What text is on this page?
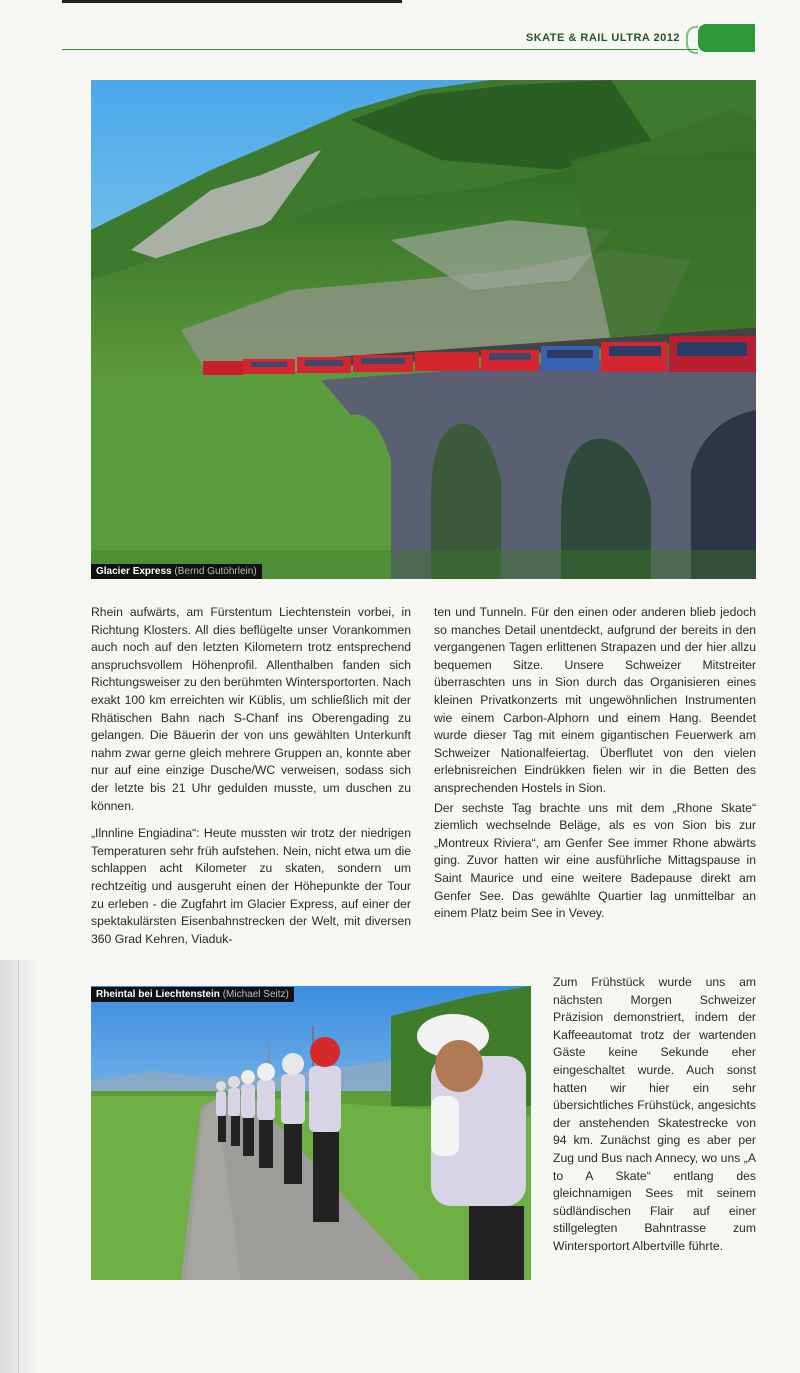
SKATE & RAIL ULTRA 2012
Glacier Express (Bernd Gutöhrlein)

Rhein aufwärts, am Fürstentum Liechtenstein vorbei, in Richtung Klosters. All dies beflügelte unser Vorankommen auch noch auf den letzten Kilometern trotz entsprechend anspruchsvollem Höhenprofil. Allenthalben fanden sich Richtungsweiser zu den berühmten Wintersportorten. Nach exakt 100 km erreichten wir Küblis, um schließlich mit der Rhätischen Bahn nach S-Chanf ins Oberengading zu gelangen. Die Bäuerin der von uns gewählten Unterkunft nahm zwar gerne gleich mehrere Gruppen an, konnte aber nur auf eine einzige Dusche/WC verweisen, sodass sich der letzte bis 21 Uhr gedulden musste, um duschen zu können.

„Ilnnline Engiadina“: Heute mussten wir trotz der niedrigen Temperaturen sehr früh aufstehen. Nein, nicht etwa um die schlappen acht Kilometer zu skaten, sondern um rechtzeitig und ausgeruht einen der Höhepunkte der Tour zu erleben - die Zugfahrt im Glacier Express, auf einer der spektakulärsten Eisenbahnstrecken der Welt, mit diversen 360 Grad Kehren, Viaduk-

ten und Tunneln. Für den einen oder anderen blieb jedoch so manches Detail unentdeckt, aufgrund der bereits in den vergangenen Tagen erlittenen Strapazen und der hier allzu bequemen Sitze. Unsere Schweizer Mitstreiter überraschten uns in Sion durch das Organisieren eines kleinen Privatkonzerts mit ungewöhnlichen Instrumenten wie einem Carbon-Alphorn und einem Hang. Beendet wurde dieser Tag mit einem gigantischen Feuerwerk am Schweizer Nationalfeiertag. Überflutet von den vielen erlebnisreichen Eindrükken fielen wir in die Betten des ansprechenden Hostels in Sion.

Der sechste Tag brachte uns mit dem „Rhone Skate“ ziemlich wechselnde Beläge, als es von Sion bis zur „Montreux Riviera“, am Genfer See immer Rhone abwärts ging. Zuvor hatten wir eine ausführliche Mittagspause in Saint Maurice und eine weitere Badepause direkt am Genfer See. Das gewählte Quartier lag unmittelbar an einem Platz beim See in Vevey.

Rheintal bei Liechtenstein (Michael Seitz)

Zum Frühstück wurde uns am nächsten Morgen Schweizer Präzision demonstriert, indem der Kaffeeautomat trotz der wartenden Gäste keine Sekunde eher eingeschaltet wurde. Auch sonst hatten wir hier ein sehr übersichtliches Frühstück, angesichts der anstehenden Skatestrecke von 94 km. Zunächst ging es aber per Zug und Bus nach Annecy, wo uns „A to A Skate“ entlang des gleichnamigen Sees mit seinem südländischen Flair auf einer stillgelegten Bahntrasse zum Wintersportort Albertville führte.
